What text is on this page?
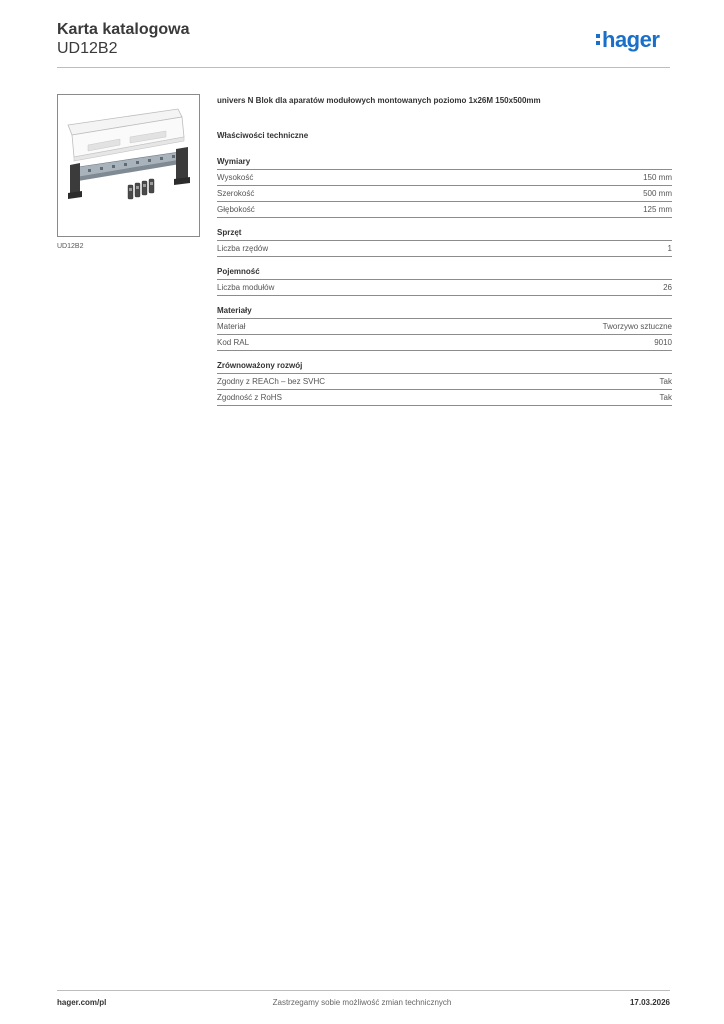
Karta katalogowa
UD12B2	hager
UD12B2
univers N Blok dla aparatów modułowych montowanych poziomo 1x26M 150x500mm
Właściwości techniczne
Wymiary
Wysokość	150 mm
Szerokość	500 mm
Głębokość	125 mm
Sprzęt
Liczba rzędów	1
Pojemność
Liczba modułów	26
Materiały
Materiał	Tworzywo sztuczne
Kod RAL	9010
Zrównoważony rozwój
Zgodny z REACh – bez SVHC	Tak
Zgodność z RoHS	Tak
hager.com/pl	Zastrzegamy sobie możliwość zmian technicznych	17.03.2026
